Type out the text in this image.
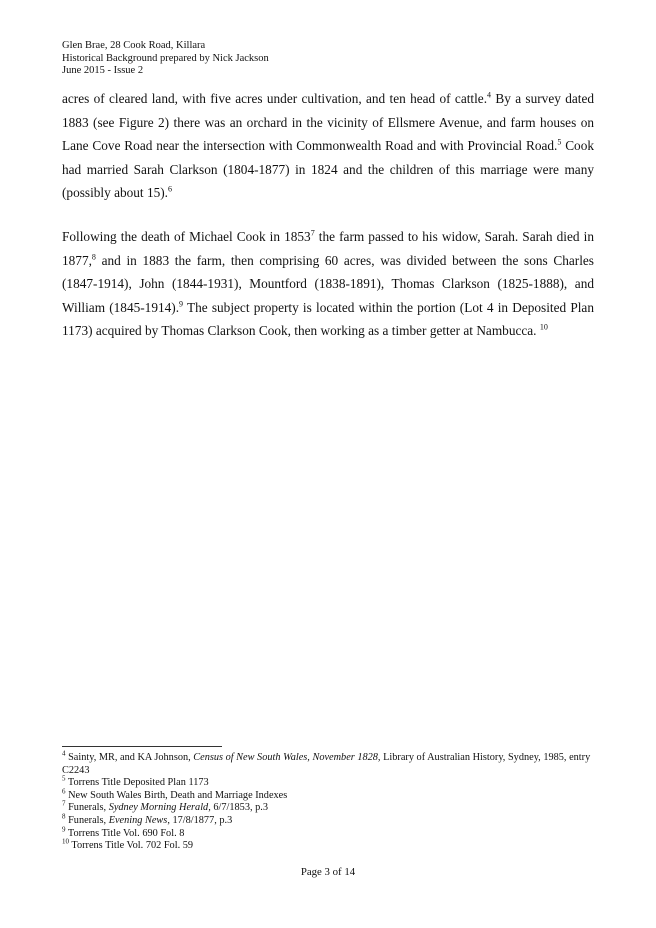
Glen Brae, 28 Cook Road, Killara
Historical Background prepared by Nick Jackson
June 2015 - Issue 2

acres of cleared land, with five acres under cultivation, and ten head of cattle.$^4$ By a survey dated 1883 (see Figure 2) there was an orchard in the vicinity of Ellsmere Avenue, and farm houses on Lane Cove Road near the intersection with Commonwealth Road and with Provincial Road.$^5$ Cook had married Sarah Clarkson (1804-1877) in 1824 and the children of this marriage were many (possibly about 15).$^6$

Following the death of Michael Cook in 1853$^7$ the farm passed to his widow, Sarah. Sarah died in 1877,$^8$ and in 1883 the farm, then comprising 60 acres, was divided between the sons Charles (1847-1914), John (1844-1931), Mountford (1838-1891), Thomas Clarkson (1825-1888), and William (1845-1914).$^9$ The subject property is located within the portion (Lot 4 in Deposited Plan 1173) acquired by Thomas Clarkson Cook, then working as a timber getter at Nambucca. $^{10}$

$^4$ Sainty, MR, and KA Johnson, Census of New South Wales, November 1828, Library of Australian History, Sydney, 1985, entry C2243
$^5$ Torrens Title Deposited Plan 1173
$^6$ New South Wales Birth, Death and Marriage Indexes
$^7$ Funerals, Sydney Morning Herald, 6/7/1853, p.3
$^8$ Funerals, Evening News, 17/8/1877, p.3
$^9$ Torrens Title Vol. 690 Fol. 8
$^{10}$ Torrens Title Vol. 702 Fol. 59
Page 3 of 14
